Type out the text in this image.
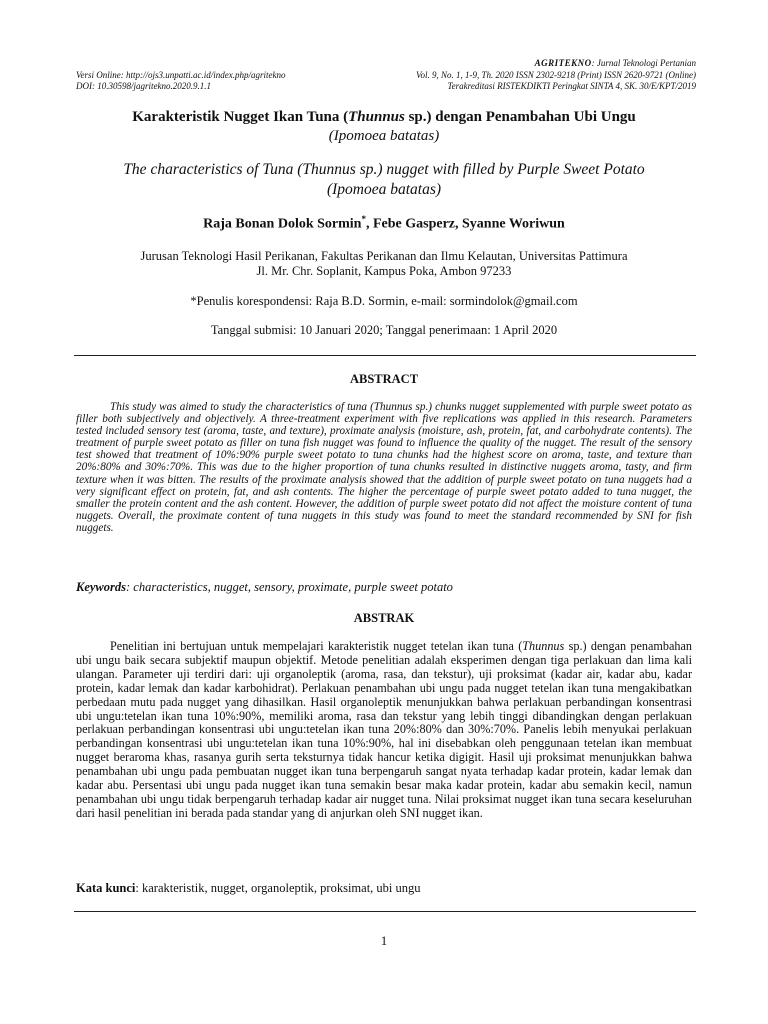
AGRITEKNO: Jurnal Teknologi Pertanian
Versi Online: http://ojs3.unpatti.ac.id/index.php/agritekno
DOI: 10.30598/jagritekno.2020.9.1.1
Vol. 9, No. 1, 1-9, Th. 2020 ISSN 2302-9218 (Print) ISSN 2620-9721 (Online)
Terakreditasi RISTEKDIKTI Peringkat SINTA 4, SK. 30/E/KPT/2019
Karakteristik Nugget Ikan Tuna (Thunnus sp.) dengan Penambahan Ubi Ungu
(Ipomoea batatas)
The characteristics of Tuna (Thunnus sp.) nugget with filled by Purple Sweet Potato
(Ipomoea batatas)
Raja Bonan Dolok Sormin*, Febe Gasperz, Syanne Woriwun
Jurusan Teknologi Hasil Perikanan, Fakultas Perikanan dan Ilmu Kelautan, Universitas Pattimura
Jl. Mr. Chr. Soplanit, Kampus Poka, Ambon 97233
*Penulis korespondensi: Raja B.D. Sormin, e-mail: sormindolok@gmail.com
Tanggal submisi: 10 Januari 2020; Tanggal penerimaan: 1 April 2020
ABSTRACT

This study was aimed to study the characteristics of tuna (Thunnus sp.) chunks nugget supplemented with purple sweet potato as filler both subjectively and objectively. A three-treatment experiment with five replications was applied in this research. Parameters tested included sensory test (aroma, taste, and texture), proximate analysis (moisture, ash, protein, fat, and carbohydrate contents). The treatment of purple sweet potato as filler on tuna fish nugget was found to influence the quality of the nugget. The result of the sensory test showed that treatment of 10%:90% purple sweet potato to tuna chunks had the highest score on aroma, taste, and texture than 20%:80% and 30%:70%. This was due to the higher proportion of tuna chunks resulted in distinctive nuggets aroma, tasty, and firm texture when it was bitten. The results of the proximate analysis showed that the addition of purple sweet potato on tuna nuggets had a very significant effect on protein, fat, and ash contents. The higher the percentage of purple sweet potato added to tuna nugget, the smaller the protein content and the ash content. However, the addition of purple sweet potato did not affect the moisture content of tuna nuggets. Overall, the proximate content of tuna nuggets in this study was found to meet the standard recommended by SNI for fish nuggets.

Keywords: characteristics, nugget, sensory, proximate, purple sweet potato
ABSTRAK

Penelitian ini bertujuan untuk mempelajari karakteristik nugget tetelan ikan tuna (Thunnus sp.) dengan penambahan ubi ungu baik secara subjektif maupun objektif. Metode penelitian adalah eksperimen dengan tiga perlakuan dan lima kali ulangan. Parameter uji terdiri dari: uji organoleptik (aroma, rasa, dan tekstur), uji proksimat (kadar air, kadar abu, kadar protein, kadar lemak dan kadar karbohidrat). Perlakuan penambahan ubi ungu pada nugget tetelan ikan tuna mengakibatkan perbedaan mutu pada nugget yang dihasilkan. Hasil organoleptik menunjukkan bahwa perlakuan perbandingan konsentrasi ubi ungu:tetelan ikan tuna 10%:90%, memiliki aroma, rasa dan tekstur yang lebih tinggi dibandingkan dengan perlakuan perlakuan perbandingan konsentrasi ubi ungu:tetelan ikan tuna 20%:80% dan 30%:70%. Panelis lebih menyukai perlakuan perbandingan konsentrasi ubi ungu:tetelan ikan tuna 10%:90%, hal ini disebabkan oleh penggunaan tetelan ikan membuat nugget beraroma khas, rasanya gurih serta teksturnya tidak hancur ketika digigit. Hasil uji proksimat menunjukkan bahwa penambahan ubi ungu pada pembuatan nugget ikan tuna berpengaruh sangat nyata terhadap kadar protein, kadar lemak dan kadar abu. Persentasi ubi ungu pada nugget ikan tuna semakin besar maka kadar protein, kadar abu semakin kecil, namun penambahan ubi ungu tidak berpengaruh terhadap kadar air nugget tuna. Nilai proksimat nugget ikan tuna secara keseluruhan dari hasil penelitian ini berada pada standar yang di anjurkan oleh SNI nugget ikan.

Kata kunci: karakteristik, nugget, organoleptik, proksimat, ubi ungu
1
